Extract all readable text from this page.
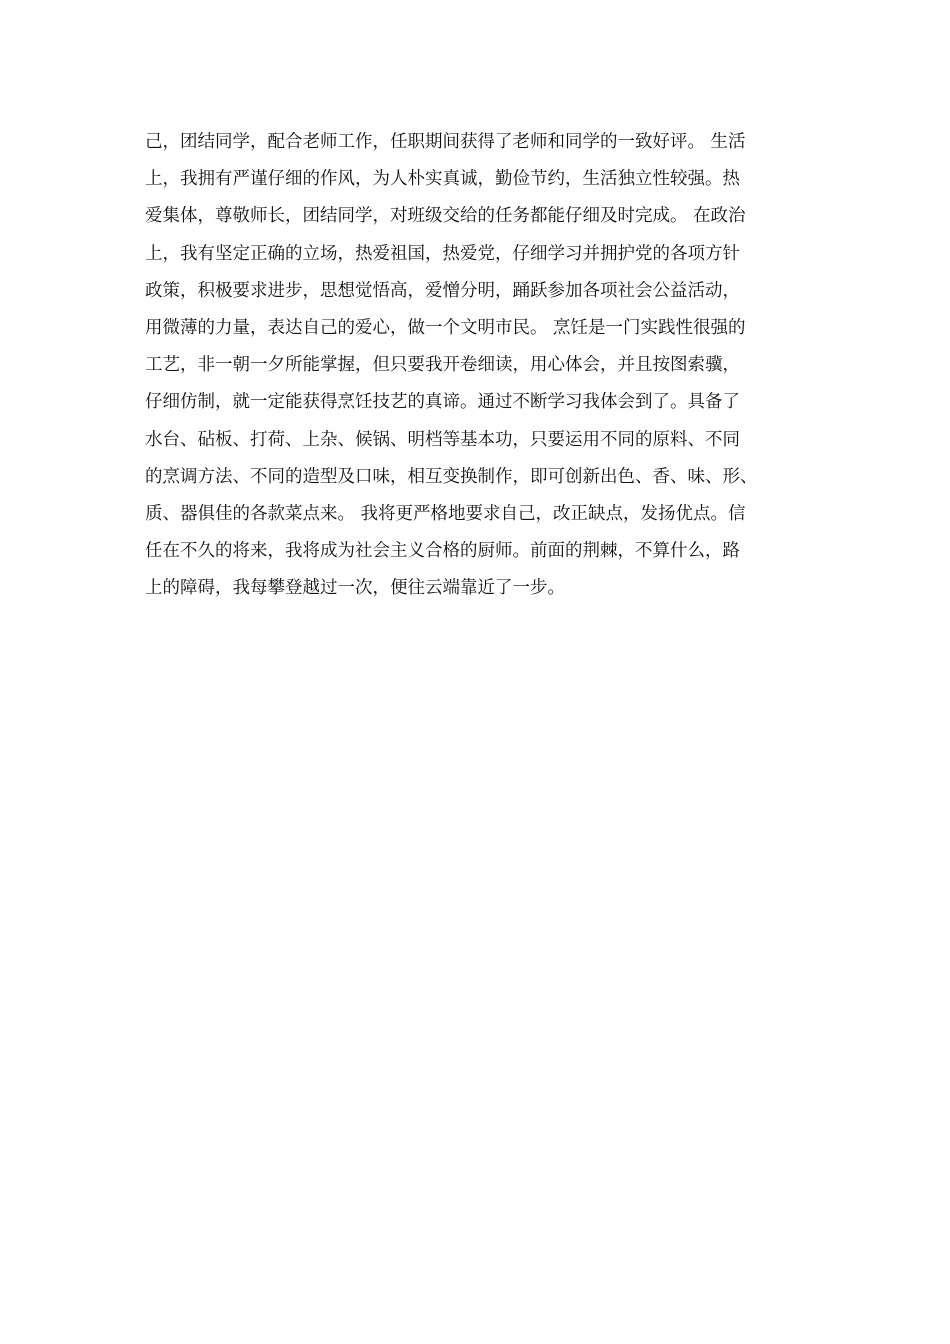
己，团结同学，配合老师工作，任职期间获得了老师和同学的一致好评。 生活
上，我拥有严谨仔细的作风，为人朴实真诚，勤俭节约，生活独立性较强。热
爱集体，尊敬师长，团结同学，对班级交给的任务都能仔细及时完成。 在政治
上，我有坚定正确的立场，热爱祖国，热爱党，仔细学习并拥护党的各项方针
政策，积极要求进步，思想觉悟高，爱憎分明，踊跃参加各项社会公益活动，
用微薄的力量，表达自己的爱心，做一个文明市民。 烹饪是一门实践性很强的
工艺，非一朝一夕所能掌握，但只要我开卷细读，用心体会，并且按图索骥，
仔细仿制，就一定能获得烹饪技艺的真谛。通过不断学习我体会到了。具备了
水台、砧板、打荷、上杂、候锅、明档等基本功，只要运用不同的原料、不同
的烹调方法、不同的造型及口味，相互变换制作，即可创新出色、香、味、形、
质、器俱佳的各款菜点来。 我将更严格地要求自己，改正缺点，发扬优点。信
任在不久的将来，我将成为社会主义合格的厨师。前面的荆棘，不算什么，路
上的障碍，我每攀登越过一次，便往云端靠近了一步。
